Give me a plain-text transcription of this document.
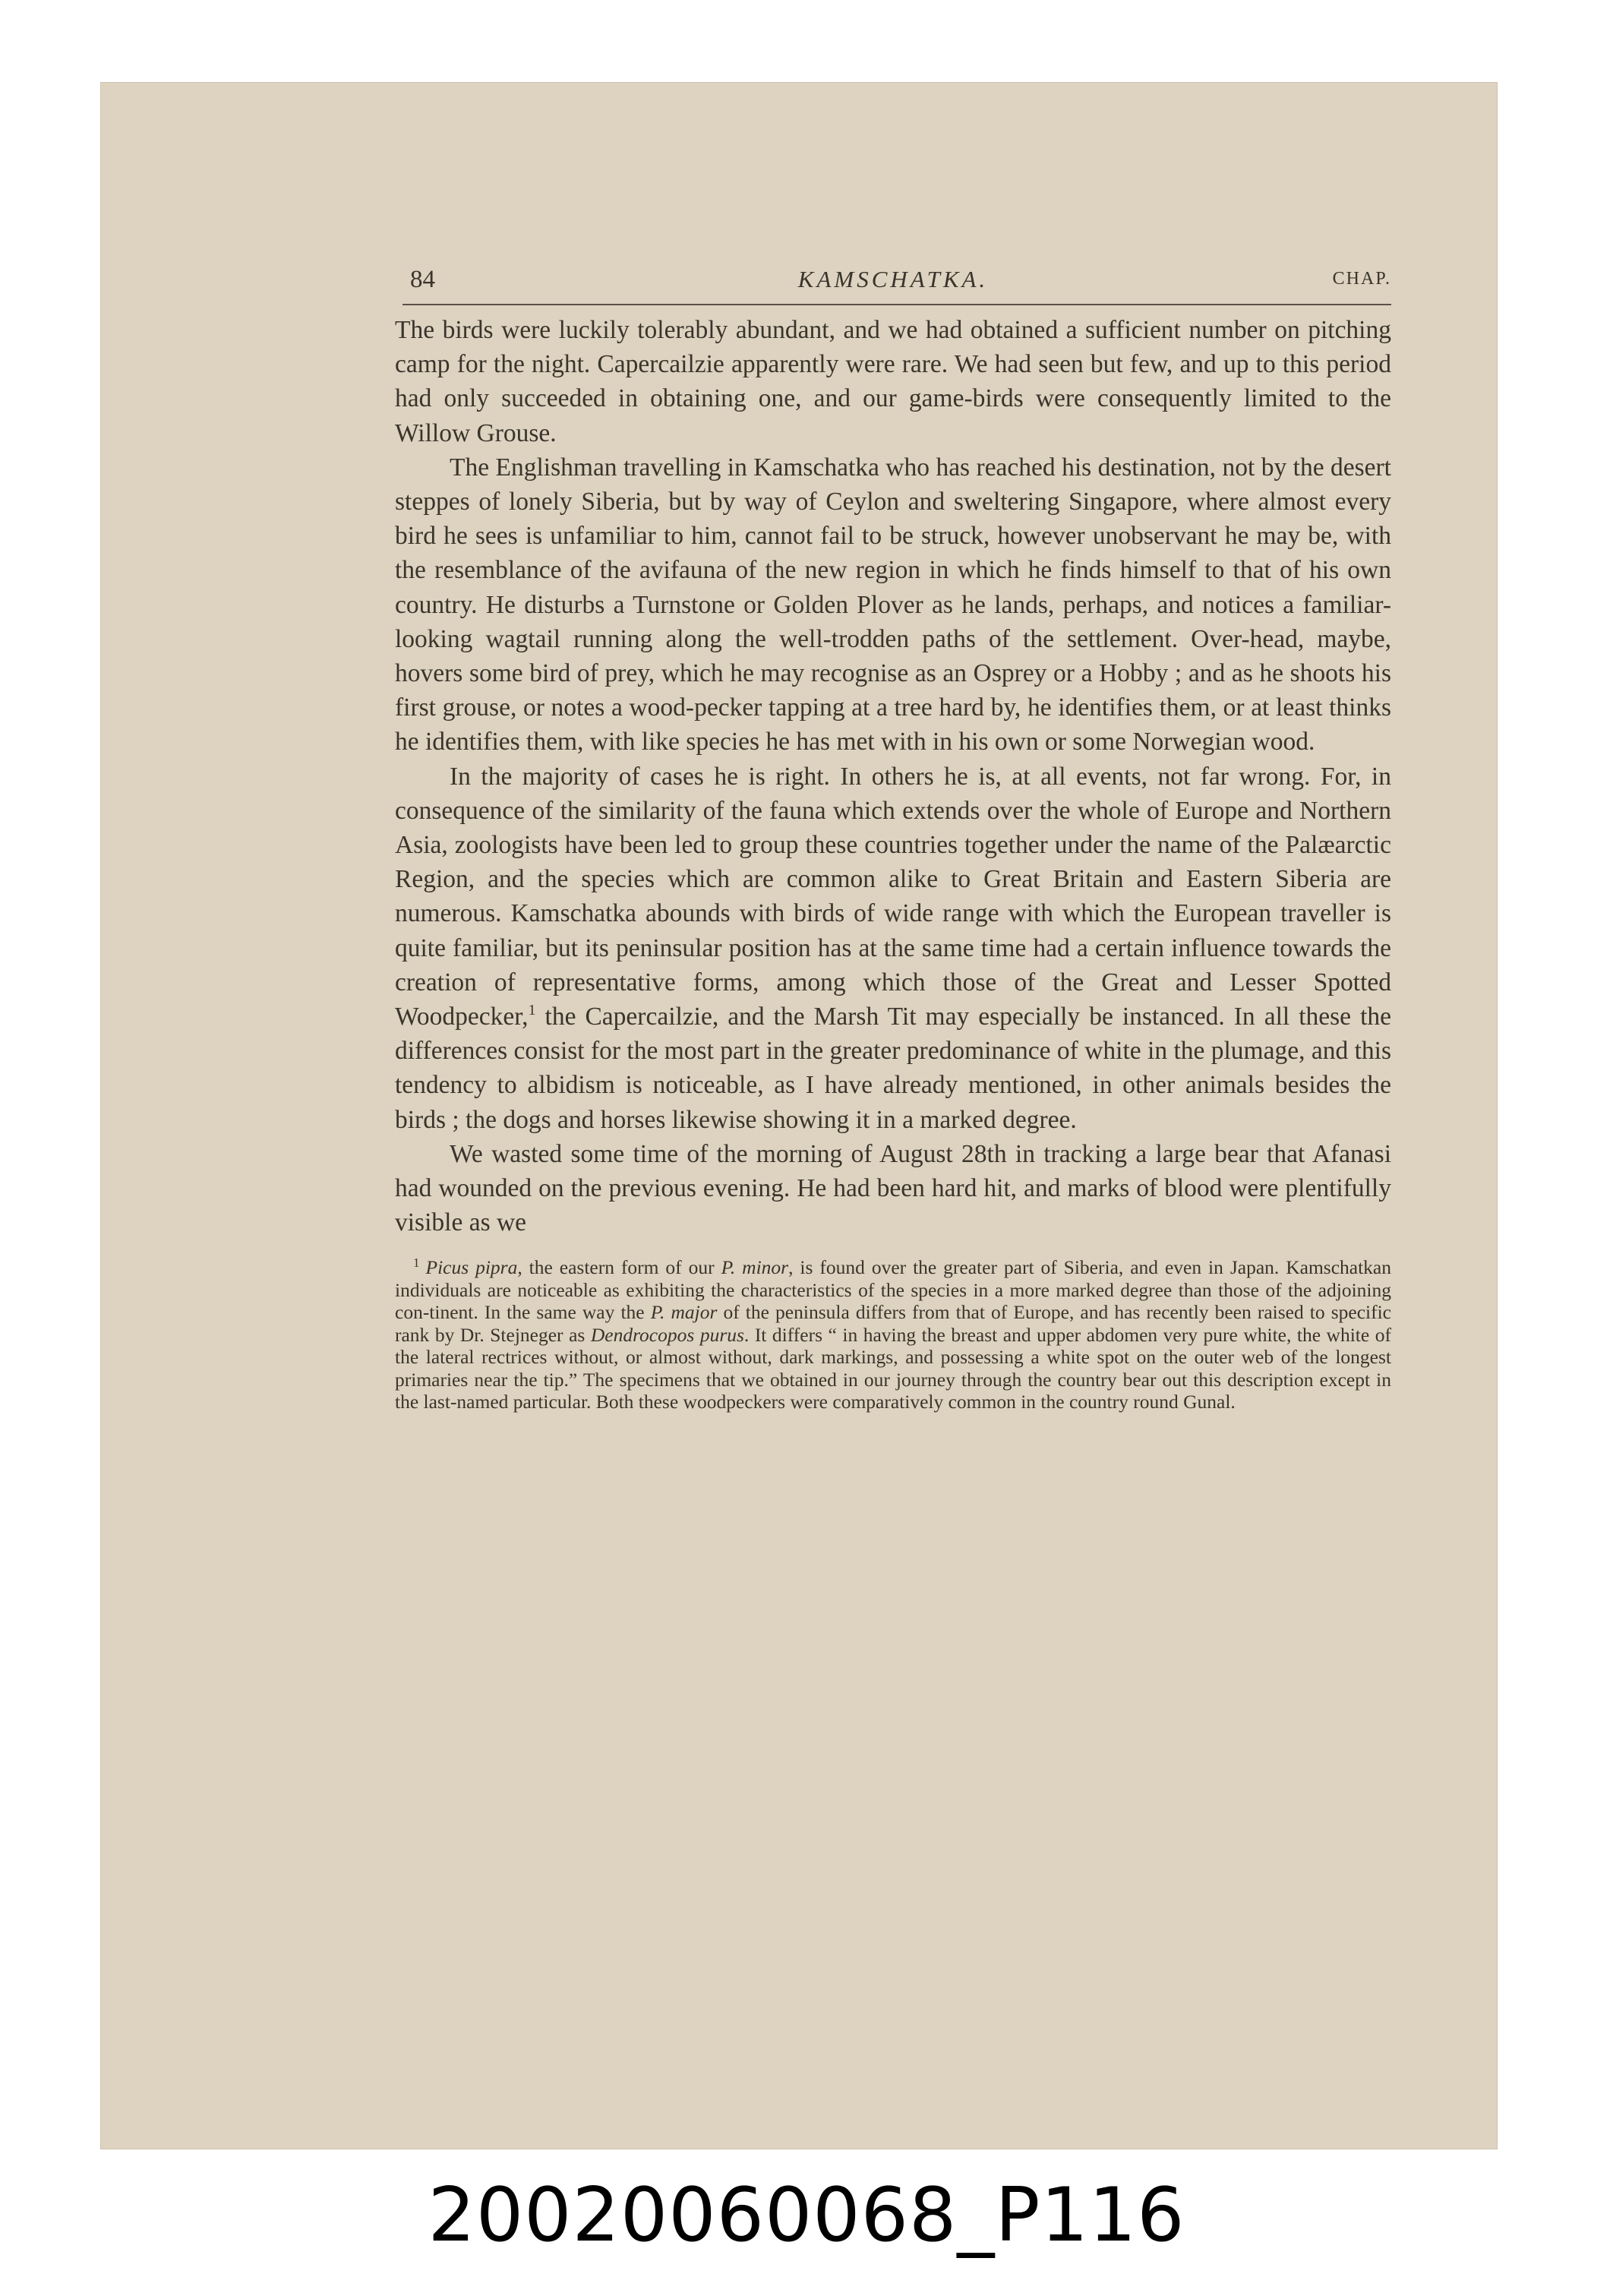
84	KAMSCHATKA.	CHAP.

The birds were luckily tolerably abundant, and we had obtained a sufficient number on pitching camp for the night. Capercailzie apparently were rare. We had seen but few, and up to this period had only succeeded in obtaining one, and our game-birds were consequently limited to the Willow Grouse.

The Englishman travelling in Kamschatka who has reached his destination, not by the desert steppes of lonely Siberia, but by way of Ceylon and sweltering Singapore, where almost every bird he sees is unfamiliar to him, cannot fail to be struck, however unobservant he may be, with the resemblance of the avifauna of the new region in which he finds himself to that of his own country. He disturbs a Turnstone or Golden Plover as he lands, perhaps, and notices a familiar-looking wagtail running along the well-trodden paths of the settlement. Over-head, maybe, hovers some bird of prey, which he may recognise as an Osprey or a Hobby ; and as he shoots his first grouse, or notes a wood-pecker tapping at a tree hard by, he identifies them, or at least thinks he identifies them, with like species he has met with in his own or some Norwegian wood.

In the majority of cases he is right. In others he is, at all events, not far wrong. For, in consequence of the similarity of the fauna which extends over the whole of Europe and Northern Asia, zoologists have been led to group these countries together under the name of the Palæarctic Region, and the species which are common alike to Great Britain and Eastern Siberia are numerous. Kamschatka abounds with birds of wide range with which the European traveller is quite familiar, but its peninsular position has at the same time had a certain influence towards the creation of representative forms, among which those of the Great and Lesser Spotted Woodpecker,$^1$ the Capercailzie, and the Marsh Tit may especially be instanced. In all these the differences consist for the most part in the greater predominance of white in the plumage, and this tendency to albidism is noticeable, as I have already mentioned, in other animals besides the birds ; the dogs and horses likewise showing it in a marked degree.

We wasted some time of the morning of August 28th in tracking a large bear that Afanasi had wounded on the previous evening. He had been hard hit, and marks of blood were plentifully visible as we

$^1$ Picus pipra, the eastern form of our P. minor, is found over the greater part of Siberia, and even in Japan. Kamschatkan individuals are noticeable as exhibiting the characteristics of the species in a more marked degree than those of the adjoining con-tinent. In the same way the P. major of the peninsula differs from that of Europe, and has recently been raised to specific rank by Dr. Stejneger as Dendrocopos purus. It differs “ in having the breast and upper abdomen very pure white, the white of the lateral rectrices without, or almost without, dark markings, and possessing a white spot on the outer web of the longest primaries near the tip.” The specimens that we obtained in our journey through the country bear out this description except in the last-named particular. Both these woodpeckers were comparatively common in the country round Gunal.
20020060068_P116
